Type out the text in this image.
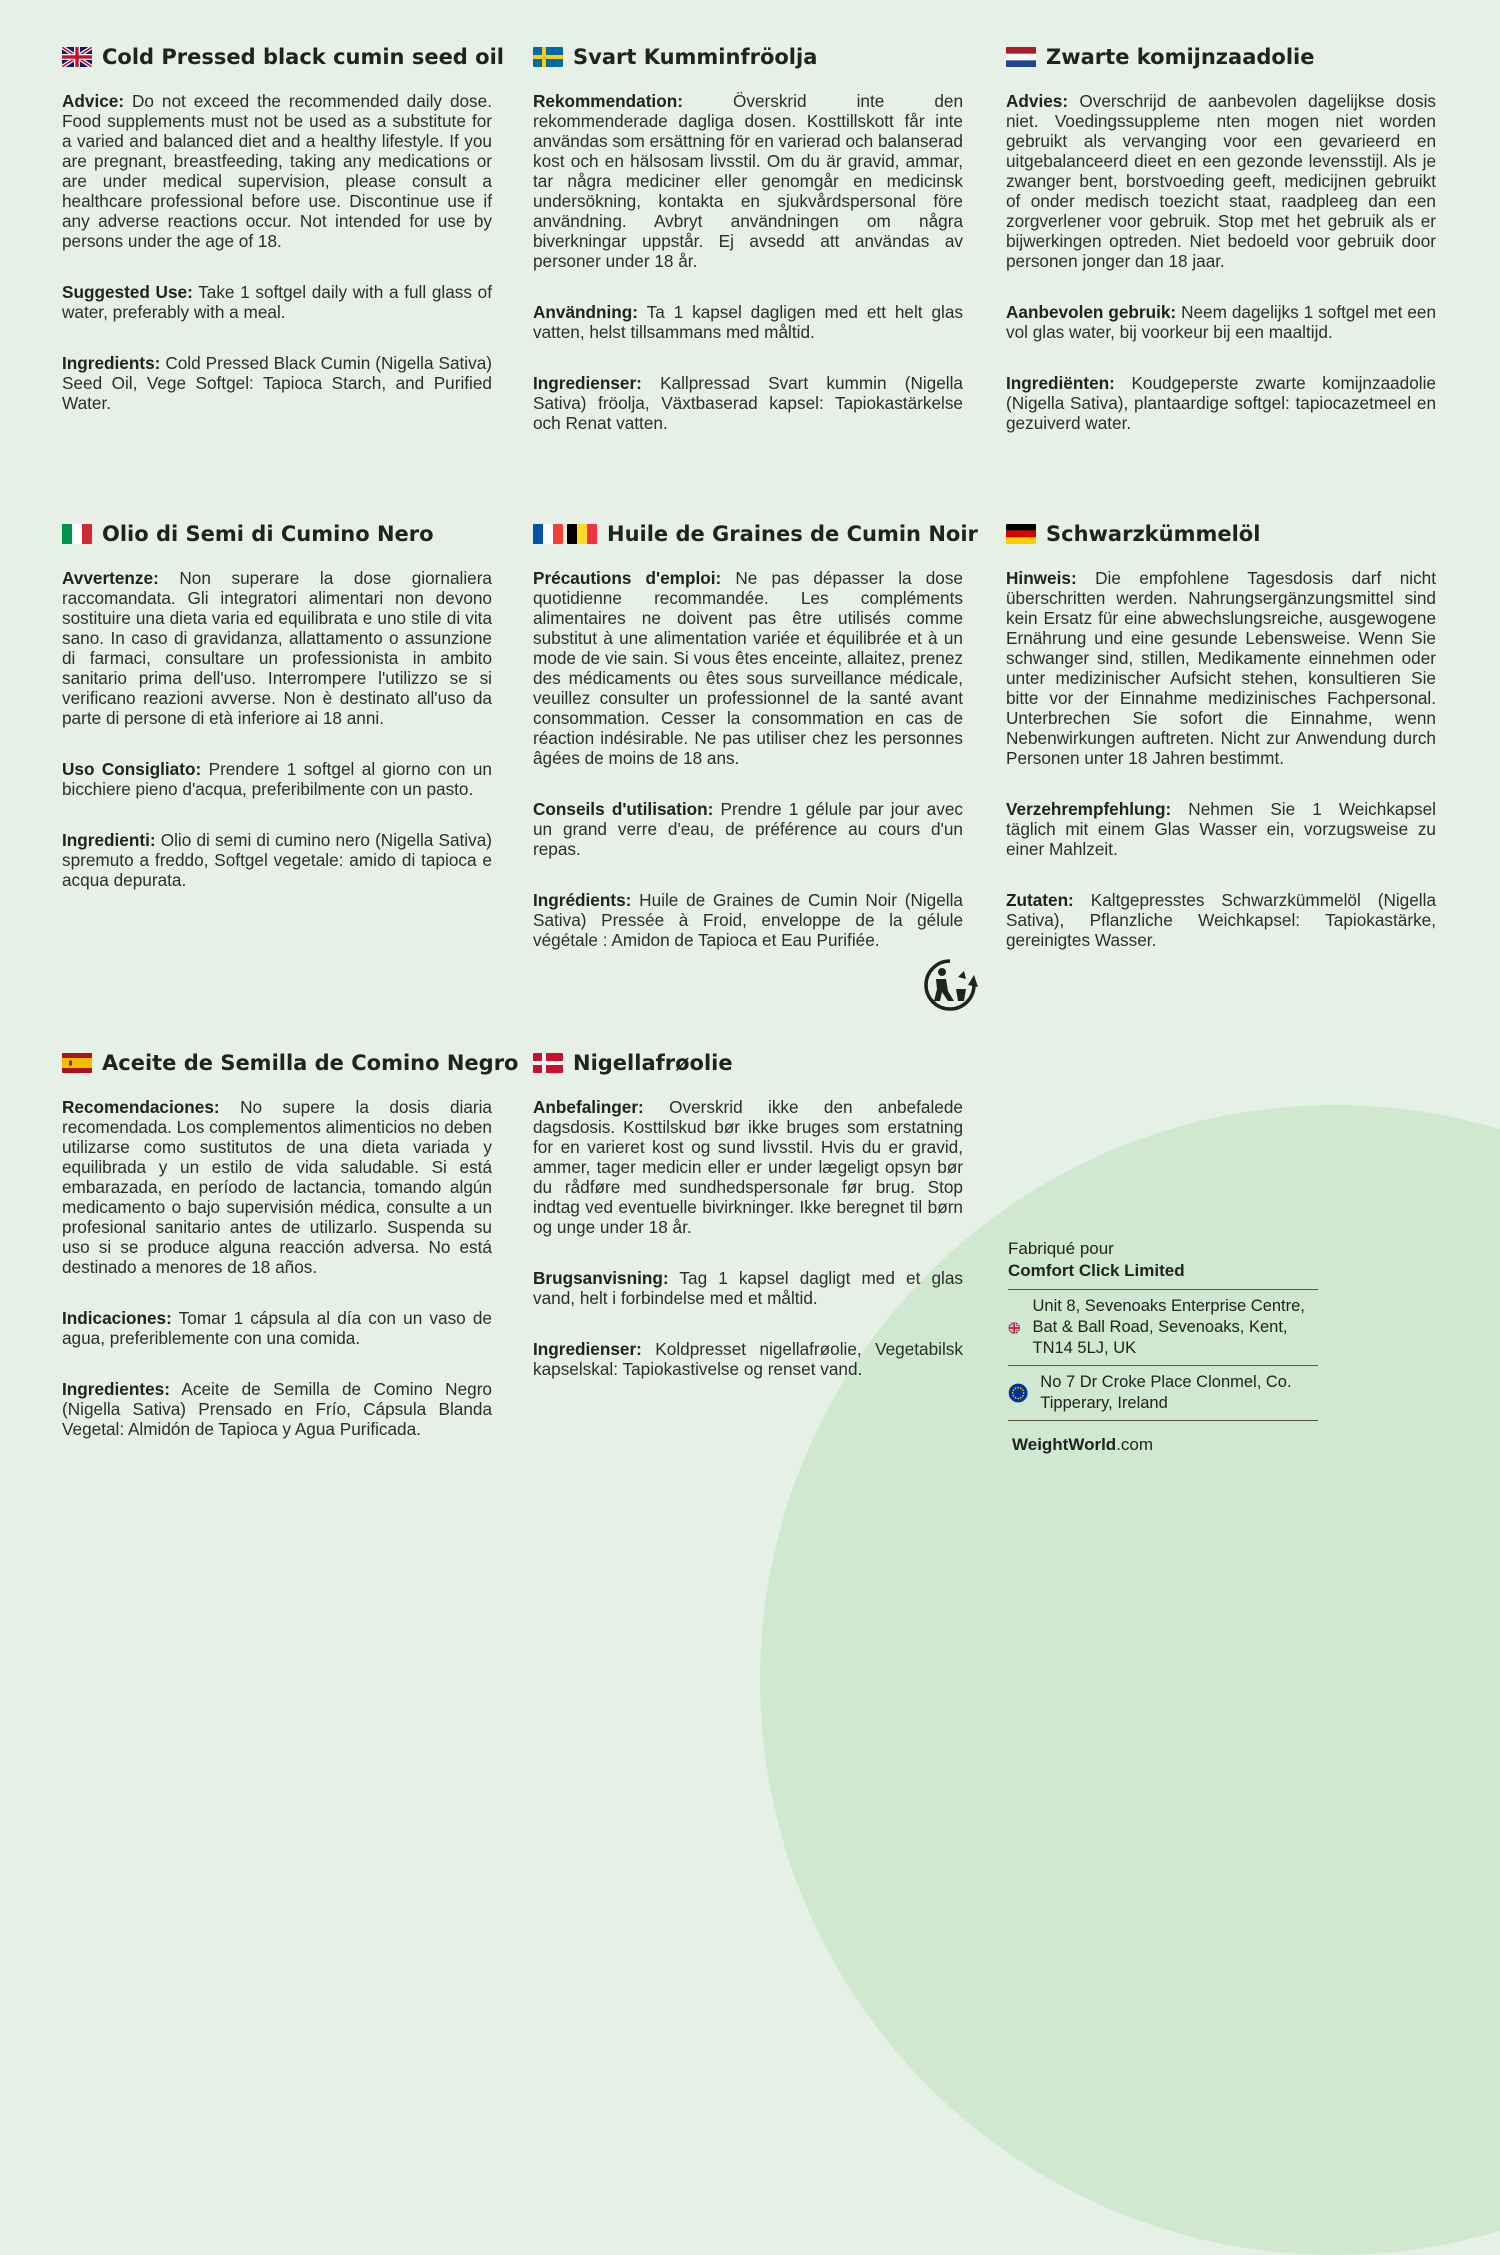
Cold Pressed black cumin seed oil

Advice: Do not exceed the recommended daily dose. Food supplements must not be used as a substitute for a varied and balanced diet and a healthy lifestyle. If you are pregnant, breastfeeding, taking any medications or are under medical supervision, please consult a healthcare professional before use. Discontinue use if any adverse reactions occur. Not intended for use by persons under the age of 18.

Suggested Use: Take 1 softgel daily with a full glass of water, preferably with a meal.

Ingredients: Cold Pressed Black Cumin (Nigella Sativa) Seed Oil, Vege Softgel: Tapioca Starch, and Purified Water.

Svart Kumminfröolja

Rekommendation: Överskrid inte den rekommenderade dagliga dosen. Kosttillskott får inte användas som ersättning för en varierad och balanserad kost och en hälsosam livsstil. Om du är gravid, ammar, tar några mediciner eller genomgår en medicinsk undersökning, kontakta en sjukvårdspersonal före användning. Avbryt användningen om några biverkningar uppstår. Ej avsedd att användas av personer under 18 år.

Användning: Ta 1 kapsel dagligen med ett helt glas vatten, helst tillsammans med måltid.

Ingredienser: Kallpressad Svart kummin (Nigella Sativa) fröolja, Växtbaserad kapsel: Tapiokastärkelse och Renat vatten.

Zwarte komijnzaadolie

Advies: Overschrijd de aanbevolen dagelijkse dosis niet. Voedingssupplеme nten mogen niet worden gebruikt als vervanging voor een gevarieerd en uitgebalanceerd dieet en een gezonde levensstijl. Als je zwanger bent, borstvoeding geeft, medicijnen gebruikt of onder medisch toezicht staat, raadpleeg dan een zorgverlener voor gebruik. Stop met het gebruik als er bijwerkingen optreden. Niet bedoeld voor gebruik door personen jonger dan 18 jaar.

Aanbevolen gebruik: Neem dagelijks 1 softgel met een vol glas water, bij voorkeur bij een maaltijd.

Ingrediënten: Koudgeperste zwarte komijnzaadolie (Nigella Sativa), plantaardige softgel: tapiocazetmeel en gezuiverd water.

Olio di Semi di Cumino Nero

Avvertenze: Non superare la dose giornaliera raccomandata. Gli integratori alimentari non devono sostituire una dieta varia ed equilibrata e uno stile di vita sano. In caso di gravidanza, allattamento o assunzione di farmaci, consultare un professionista in ambito sanitario prima dell'uso. Interrompere l'utilizzo se si verificano reazioni avverse. Non è destinato all'uso da parte di persone di età inferiore ai 18 anni.

Uso Consigliato: Prendere 1 softgel al giorno con un bicchiere pieno d'acqua, preferibilmente con un pasto.

Ingredienti: Olio di semi di cumino nero (Nigella Sativa) spremuto a freddo, Softgel vegetale: amido di tapioca e acqua depurata.

Huile de Graines de Cumin Noir

Précautions d'emploi: Ne pas dépasser la dose quotidienne recommandée. Les compléments alimentaires ne doivent pas être utilisés comme substitut à une alimentation variée et équilibrée et à un mode de vie sain. Si vous êtes enceinte, allaitez, prenez des médicaments ou êtes sous surveillance médicale, veuillez consulter un professionnel de la santé avant consommation. Cesser la consommation en cas de réaction indésirable. Ne pas utiliser chez les personnes âgées de moins de 18 ans.

Conseils d'utilisation: Prendre 1 gélule par jour avec un grand verre d'eau, de préférence au cours d'un repas.

Ingrédients: Huile de Graines de Cumin Noir (Nigella Sativa) Pressée à Froid, enveloppe de la gélule végétale : Amidon de Tapioca et Eau Purifiée.

Schwarzkümmelöl

Hinweis: Die empfohlene Tagesdosis darf nicht überschritten werden. Nahrungsergänzungsmittel sind kein Ersatz für eine abwechslungsreiche, ausgewogene Ernährung und eine gesunde Lebensweise. Wenn Sie schwanger sind, stillen, Medikamente einnehmen oder unter medizinischer Aufsicht stehen, konsultieren Sie bitte vor der Einnahme medizinisches Fachpersonal. Unterbrechen Sie sofort die Einnahme, wenn Nebenwirkungen auftreten. Nicht zur Anwendung durch Personen unter 18 Jahren bestimmt.

Verzehrempfehlung: Nehmen Sie 1 Weichkapsel täglich mit einem Glas Wasser ein, vorzugsweise zu einer Mahlzeit.

Zutaten: Kaltgepresstes Schwarzkümmelöl (Nigella Sativa), Pflanzliche Weichkapsel: Tapiokastärke, gereinigtes Wasser.

Aceite de Semilla de Comino Negro

Recomendaciones: No supere la dosis diaria recomendada. Los complementos alimenticios no deben utilizarse como sustitutos de una dieta variada y equilibrada y un estilo de vida saludable. Si está embarazada, en período de lactancia, tomando algún medicamento o bajo supervisión médica, consulte a un profesional sanitario antes de utilizarlo. Suspenda su uso si se produce alguna reacción adversa. No está destinado a menores de 18 años.

Indicaciones: Tomar 1 cápsula al día con un vaso de agua, preferiblemente con una comida.

Ingredientes: Aceite de Semilla de Comino Negro (Nigella Sativa) Prensado en Frío, Cápsula Blanda Vegetal: Almidón de Tapioca y Agua Purificada.

Nigellafrøolie

Anbefalinger: Overskrid ikke den anbefalede dagsdosis. Kosttilskud bør ikke bruges som erstatning for en varieret kost og sund livsstil. Hvis du er gravid, ammer, tager medicin eller er under lægeligt opsyn bør du rådføre med sundhedspersonale før brug. Stop indtag ved eventuelle bivirkninger. Ikke beregnet til børn og unge under 18 år.

Brugsanvisning: Tag 1 kapsel dagligt med et glas vand, helt i forbindelse med et måltid.

Ingredienser: Koldpresset nigellafrøolie, Vegetabilsk kapselskal: Tapiokastivelse og renset vand.

Fabriqué pour
Comfort Click Limited
Unit 8, Sevenoaks Enterprise Centre, Bat & Ball Road, Sevenoaks, Kent, TN14 5LJ, UK
No 7 Dr Croke Place Clonmel, Co. Tipperary, Ireland
WeightWorld.com
